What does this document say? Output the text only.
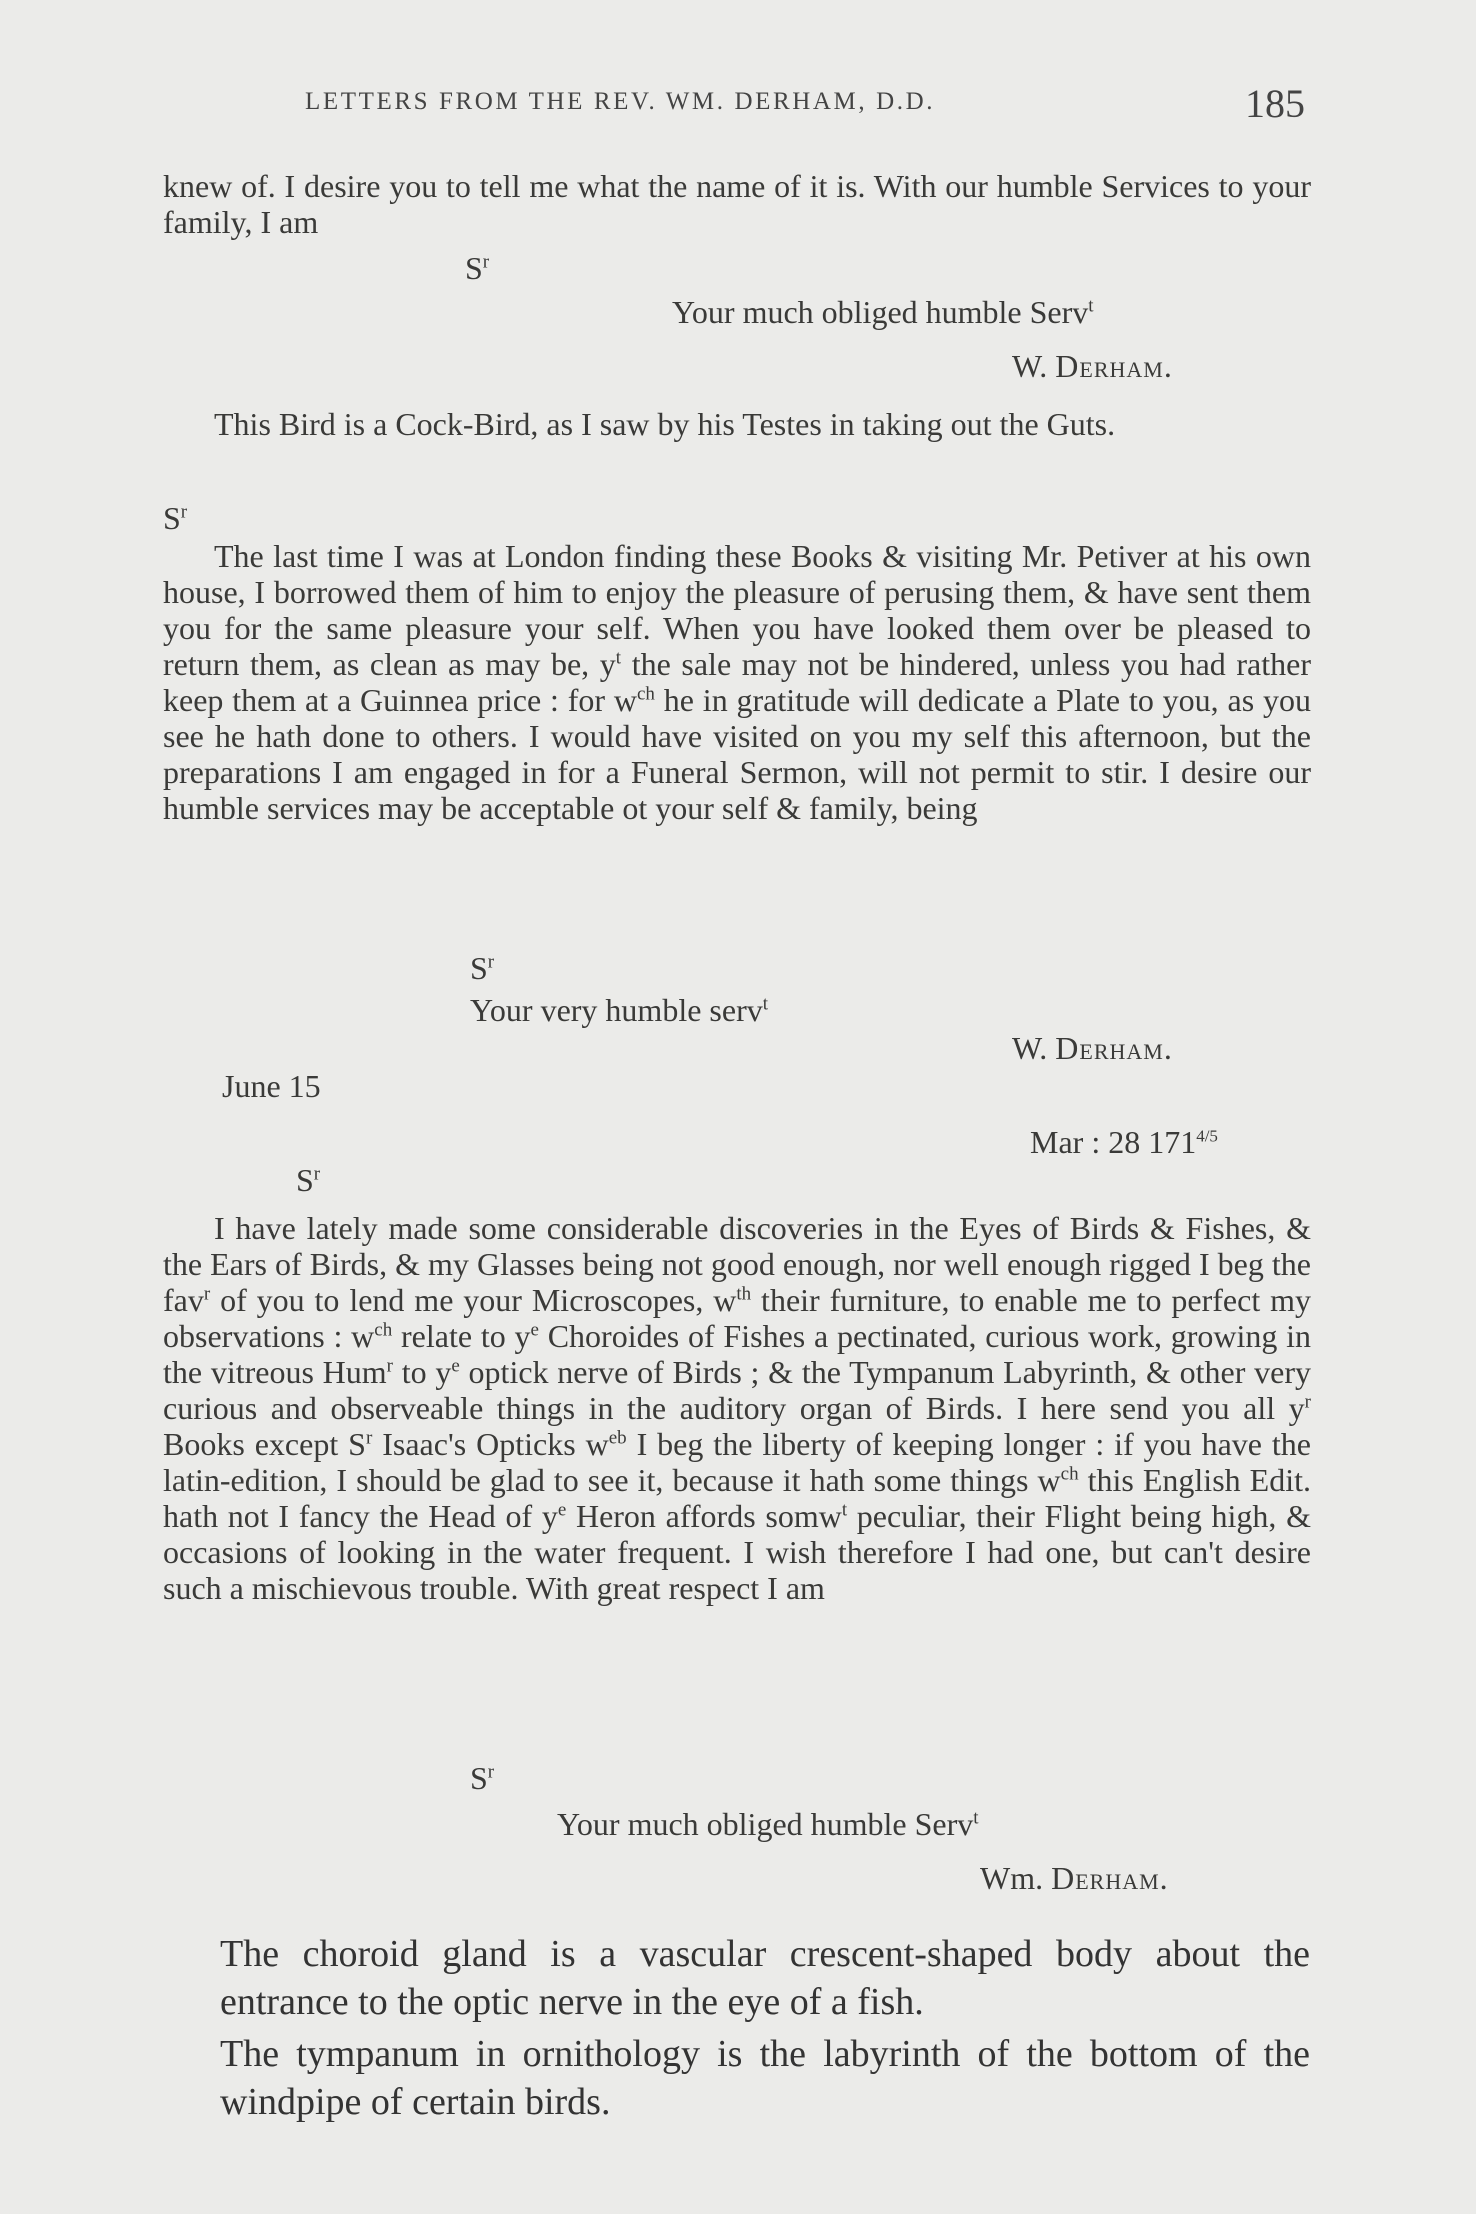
LETTERS FROM THE REV. WM. DERHAM, D.D.	185
knew of. I desire you to tell me what the name of it is. With our humble Services to your family, I am
$S^r$
Your much obliged humble Serv$^t$
W. Derham.
This Bird is a Cock-Bird, as I saw by his Testes in taking out the Guts.
$S^r$
The last time I was at London finding these Books & visiting Mr. Petiver at his own house, I borrowed them of him to enjoy the pleasure of perusing them, & have sent them you for the same pleasure your self. When you have looked them over be pleased to return them, as clean as may be, $y^t$ the sale may not be hindered, unless you had rather keep them at a Guinnea price : for $w^{ch}$ he in gratitude will dedicate a Plate to you, as you see he hath done to others. I would have visited on you my self this afternoon, but the preparations I am engaged in for a Funeral Sermon, will not permit to stir. I desire our humble services may be acceptable ot your self & family, being
$S^r$
Your very humble serv$^t$
W. Derham.
June 15
Mar : 28 $171^{4/5}$
$S^r$
I have lately made some considerable discoveries in the Eyes of Birds & Fishes, & the Ears of Birds, & my Glasses being not good enough, nor well enough rigged I beg the fav$^r$ of you to lend me your Microscopes, $w^{th}$ their furniture, to enable me to perfect my observations : $w^{ch}$ relate to $y^e$ Choroides of Fishes a pectinated, curious work, growing in the vitreous Hum$^r$ to $y^e$ optick nerve of Birds ; & the Tympanum Labyrinth, & other very curious and observeable things in the auditory organ of Birds. I here send you all $y^r$ Books except $S^r$ Isaac's Opticks $w^{eb}$ I beg the liberty of keeping longer : if you have the latin-edition, I should be glad to see it, because it hath some things $w^{ch}$ this English Edit. hath not I fancy the Head of $y^e$ Heron affords somw$^t$ peculiar, their Flight being high, & occasions of looking in the water frequent. I wish therefore I had one, but can't desire such a mischievous trouble. With great respect I am
$S^r$
Your much obliged humble Serv$^t$
Wm. Derham.

The choroid gland is a vascular crescent-shaped body about the entrance to the optic nerve in the eye of a fish.

The tympanum in ornithology is the labyrinth of the bottom of the windpipe of certain birds.
